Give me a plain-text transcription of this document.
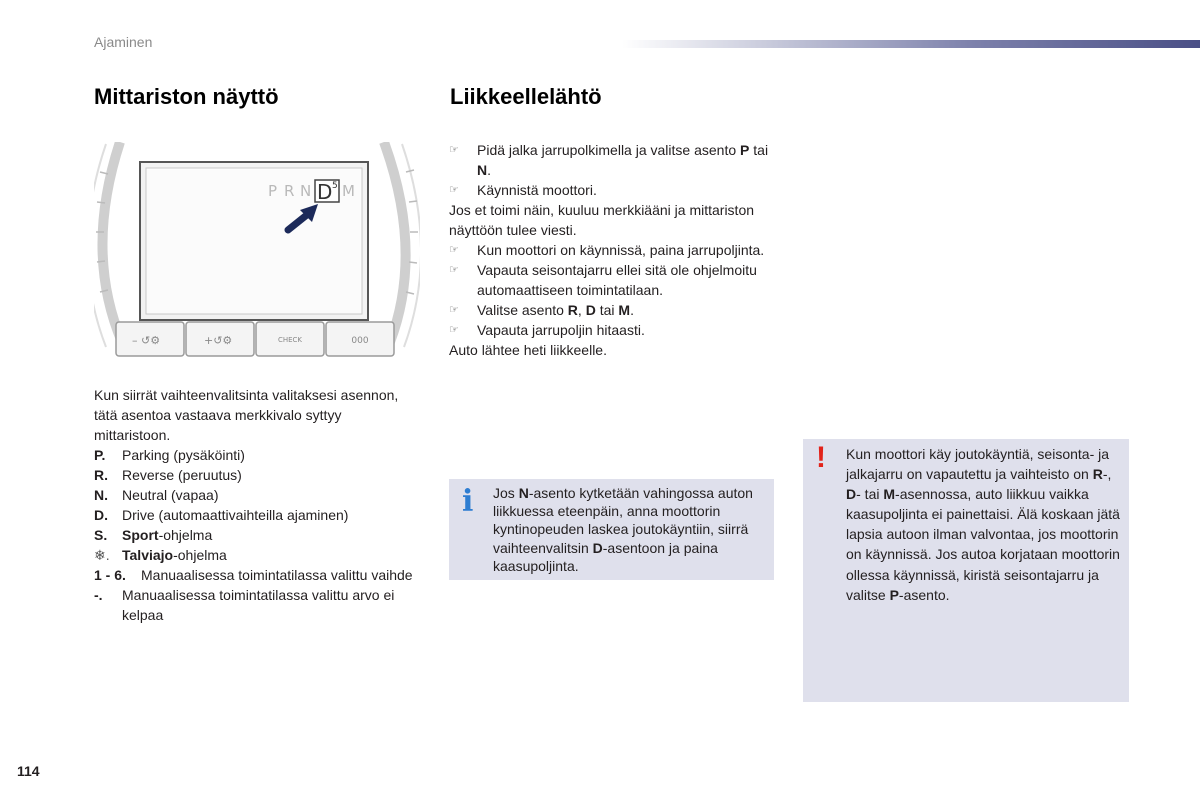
Ajaminen
Mittariston näyttö	Liikkeellelähtö
P R N M
D 5
– ↺⚙	+↺⚙	CHECK	000

Kun siirrät vaihteenvalitsinta valitaksesi asennon, tätä asentoa vastaava merkkivalo syttyy mittaristoon.

P.	Parking (pysäköinti)
R.	Reverse (peruutus)
N.	Neutral (vapaa)
D.	Drive (automaattivaihteilla ajaminen)
S.	Sport-ohjelma
❄. Talviajo-ohjelma
1 - 6.	Manuaalisessa toimintatilassa valittu vaihde
-.	Manuaalisessa toimintatilassa valittu arvo ei kelpaa
☞	Pidä jalka jarrupolkimella ja valitse asento P tai N.
☞	Käynnistä moottori.

Jos et toimi näin, kuuluu merkkiääni ja mittariston näyttöön tulee viesti.

☞	Kun moottori on käynnissä, paina jarrupoljinta.
☞	Vapauta seisontajarru ellei sitä ole ohjelmoitu automaattiseen toimintatilaan.
☞	Valitse asento R, D tai M.
☞	Vapauta jarrupoljin hitaasti.

Auto lähtee heti liikkeelle.

i Jos N-asento kytketään vahingossa auton liikkuessa eteenpäin, anna moottorin kyntinopeuden laskea joutokäyntiin, siirrä vaihteenvalitsin D-asentoon ja paina kaasupoljinta.
! Kun moottori käy joutokäyntiä, seisonta- ja jalkajarru on vapautettu ja vaihteisto on R-, D- tai M-asennossa, auto liikkuu vaikka kaasupoljinta ei painettaisi. Älä koskaan jätä lapsia autoon ilman valvontaa, jos moottorin on käynnissä. Jos autoa korjataan moottorin ollessa käynnissä, kiristä seisontajarru ja valitse P-asento.
114
